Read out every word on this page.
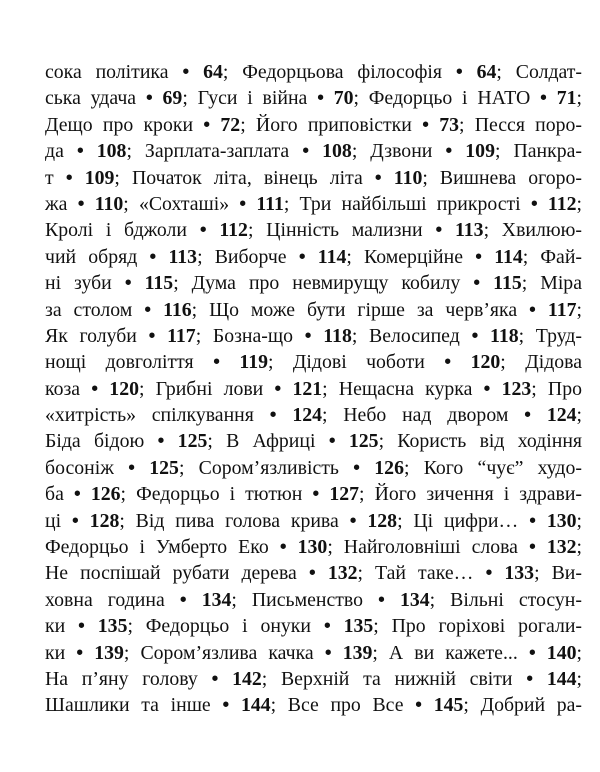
сока політика • 64; Федорцьова філософія • 64; Солдат-
ська удача • 69; Гуси і війна • 70; Федорцьо і НАТО • 71;
Дещо про кроки • 72; Його приповістки • 73; Песся поро-
да • 108; Зарплата-заплата • 108; Дзвони • 109; Панкра-
т • 109; Початок літа, вінець літа • 110; Вишнева огоро-
жа • 110; «Сохташі» • 111; Три найбільші прикрості • 112;
Кролі і бджоли • 112; Цінність мализни • 113; Хвилюю-
чий обряд • 113; Виборче • 114; Комерційне • 114; Фай-
ні зуби • 115; Дума про невмирущу кобилу • 115; Міра
за столом • 116; Що може бути гірше за черв’яка • 117;
Як голуби • 117; Бозна-що • 118; Велосипед • 118; Труд-
нощі довголіття • 119; Дідові чоботи • 120; Дідова
коза • 120; Грибні лови • 121; Нещасна курка • 123; Про
«хитрість» спілкування • 124; Небо над двором • 124;
Біда бідою • 125; В Африці • 125; Користь від ходіння
босоніж • 125; Сором’язливість • 126; Кого “чує” худо-
ба • 126; Федорцьо і тютюн • 127; Його зичення і здрави-
ці • 128; Від пива голова крива • 128; Ці цифри… • 130;
Федорцьо і Умберто Еко • 130; Найголовніші слова • 132;
Не поспішай рубати дерева • 132; Тай таке… • 133; Ви-
ховна година • 134; Письменство • 134; Вільні стосун-
ки • 135; Федорцьо і онуки • 135; Про горіхові рогали-
ки • 139; Сором’язлива качка • 139; А ви кажете... • 140;
На п’яну голову • 142; Верхній та нижній світи • 144;
Шашлики та інше • 144; Все про Все • 145; Добрий ра-
